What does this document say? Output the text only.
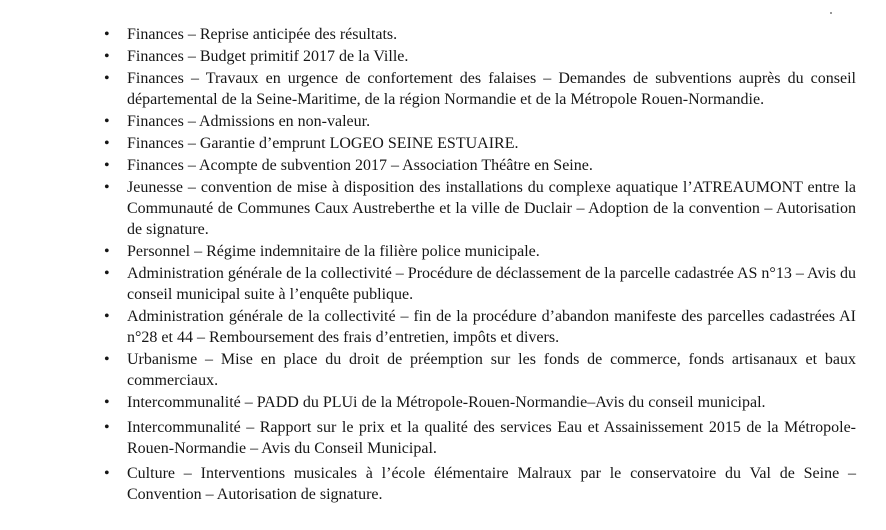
• Finances – Reprise anticipée des résultats.
• Finances – Budget primitif 2017 de la Ville.
• Finances – Travaux en urgence de confortement des falaises – Demandes de subventions auprès du conseil départemental de la Seine-Maritime, de la région Normandie et de la Métropole Rouen-Normandie.
• Finances – Admissions en non-valeur.
• Finances – Garantie d’emprunt LOGEO SEINE ESTUAIRE.
• Finances – Acompte de subvention 2017 – Association Théâtre en Seine.
• Jeunesse – convention de mise à disposition des installations du complexe aquatique l’ATREAUMONT entre la Communauté de Communes Caux Austreberthe et la ville de Duclair – Adoption de la convention – Autorisation de signature.
• Personnel – Régime indemnitaire de la filière police municipale.
• Administration générale de la collectivité – Procédure de déclassement de la parcelle cadastrée AS n°13 – Avis du conseil municipal suite à l’enquête publique.
• Administration générale de la collectivité – fin de la procédure d’abandon manifeste des parcelles cadastrées AI n°28 et 44 – Remboursement des frais d’entretien, impôts et divers.
• Urbanisme – Mise en place du droit de préemption sur les fonds de commerce, fonds artisanaux et baux commerciaux.
• Intercommunalité – PADD du PLUi de la Métropole-Rouen-Normandie–Avis du conseil municipal.
• Intercommunalité – Rapport sur le prix et la qualité des services Eau et Assainissement 2015 de la Métropole-Rouen-Normandie – Avis du Conseil Municipal.
• Culture – Interventions musicales à l’école élémentaire Malraux par le conservatoire du Val de Seine – Convention – Autorisation de signature.
